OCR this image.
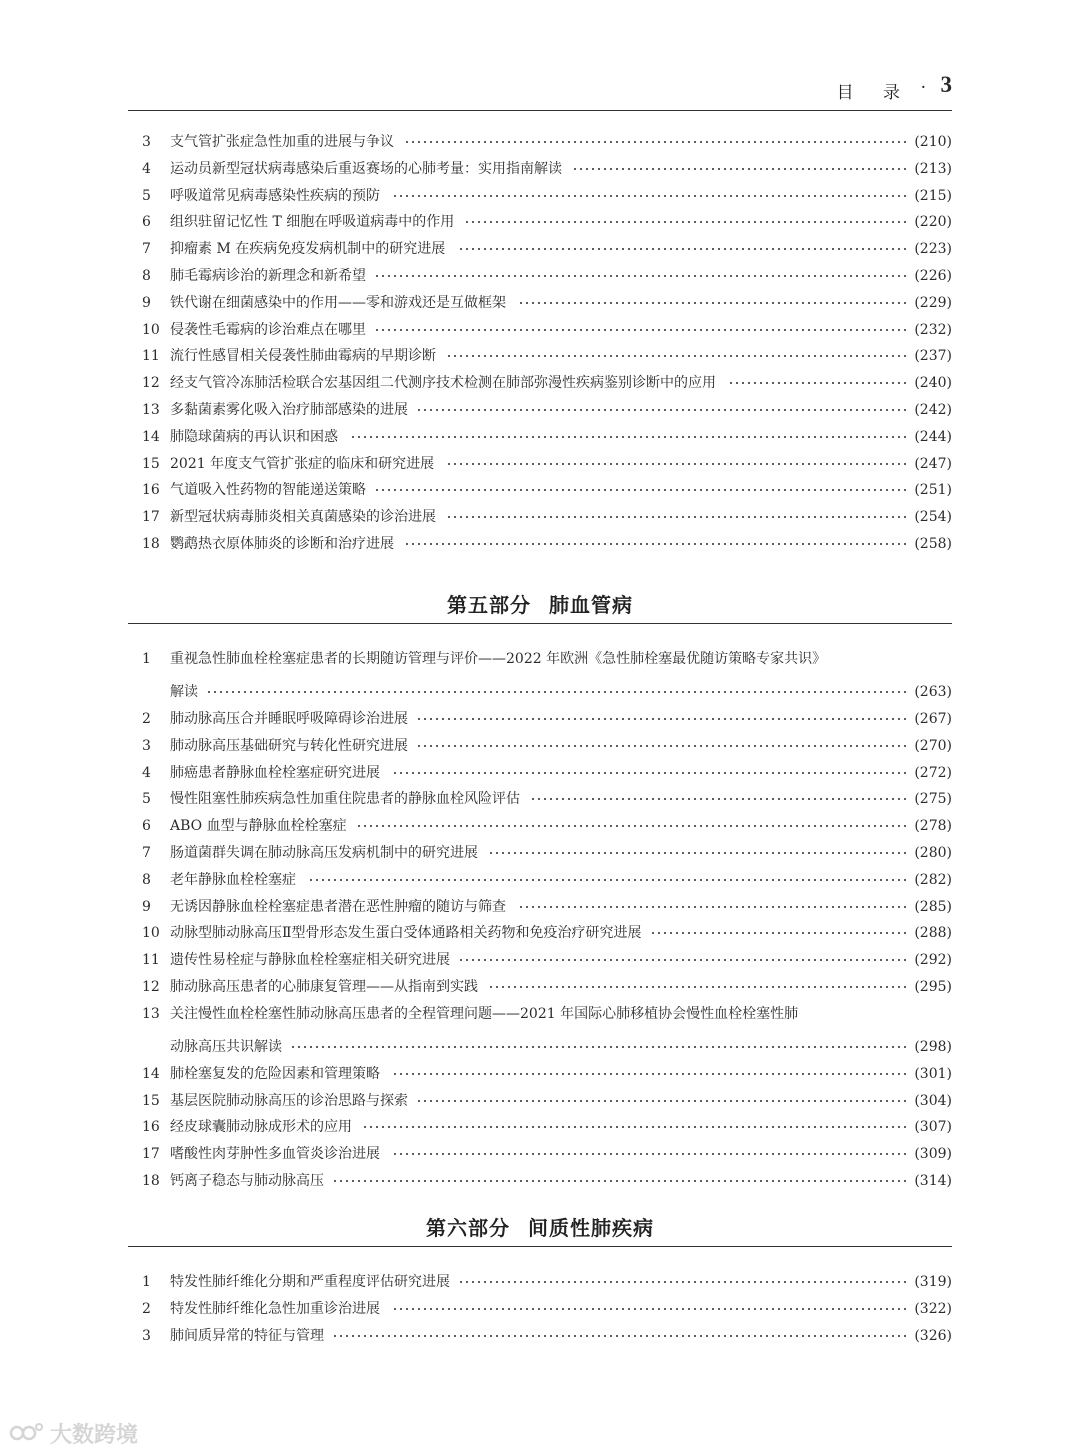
目 录 · 3
3 支气管扩张症急性加重的进展与争议	(210)
4 运动员新型冠状病毒感染后重返赛场的心肺考量：实用指南解读	(213)
5 呼吸道常见病毒感染性疾病的预防	(215)
6 组织驻留记忆性 T 细胞在呼吸道病毒中的作用	(220)
7 抑瘤素 M 在疾病免疫发病机制中的研究进展	(223)
8 肺毛霉病诊治的新理念和新希望	(226)
9 铁代谢在细菌感染中的作用——零和游戏还是互做框架	(229)
10 侵袭性毛霉病的诊治难点在哪里	(232)
11 流行性感冒相关侵袭性肺曲霉病的早期诊断	(237)
12 经支气管冷冻肺活检联合宏基因组二代测序技术检测在肺部弥漫性疾病鉴别诊断中的应用	(240)
13 多黏菌素雾化吸入治疗肺部感染的进展	(242)
14 肺隐球菌病的再认识和困惑	(244)
15 2021 年度支气管扩张症的临床和研究进展	(247)
16 气道吸入性药物的智能递送策略	(251)
17 新型冠状病毒肺炎相关真菌感染的诊治进展	(254)
18 鹦鹉热衣原体肺炎的诊断和治疗进展	(258)
第五部分 肺血管病
1 重视急性肺血栓栓塞症患者的长期随访管理与评价——2022 年欧洲《急性肺栓塞最优随访策略专家共识》
解读	(263)
2 肺动脉高压合并睡眠呼吸障碍诊治进展	(267)
3 肺动脉高压基础研究与转化性研究进展	(270)
4 肺癌患者静脉血栓栓塞症研究进展	(272)
5 慢性阻塞性肺疾病急性加重住院患者的静脉血栓风险评估	(275)
6 ABO 血型与静脉血栓栓塞症	(278)
7 肠道菌群失调在肺动脉高压发病机制中的研究进展	(280)
8 老年静脉血栓栓塞症	(282)
9 无诱因静脉血栓栓塞症患者潜在恶性肿瘤的随访与筛查	(285)
10 动脉型肺动脉高压Ⅱ型骨形态发生蛋白受体通路相关药物和免疫治疗研究进展	(288)
11 遗传性易栓症与静脉血栓栓塞症相关研究进展	(292)
12 肺动脉高压患者的心肺康复管理——从指南到实践	(295)
13 关注慢性血栓栓塞性肺动脉高压患者的全程管理问题——2021 年国际心肺移植协会慢性血栓栓塞性肺
动脉高压共识解读	(298)
14 肺栓塞复发的危险因素和管理策略	(301)
15 基层医院肺动脉高压的诊治思路与探索	(304)
16 经皮球囊肺动脉成形术的应用	(307)
17 嗜酸性肉芽肿性多血管炎诊治进展	(309)
18 钙离子稳态与肺动脉高压	(314)
第六部分 间质性肺疾病
1 特发性肺纤维化分期和严重程度评估研究进展	(319)
2 特发性肺纤维化急性加重诊治进展	(322)
3 肺间质异常的特征与管理	(326)
大数跨境
